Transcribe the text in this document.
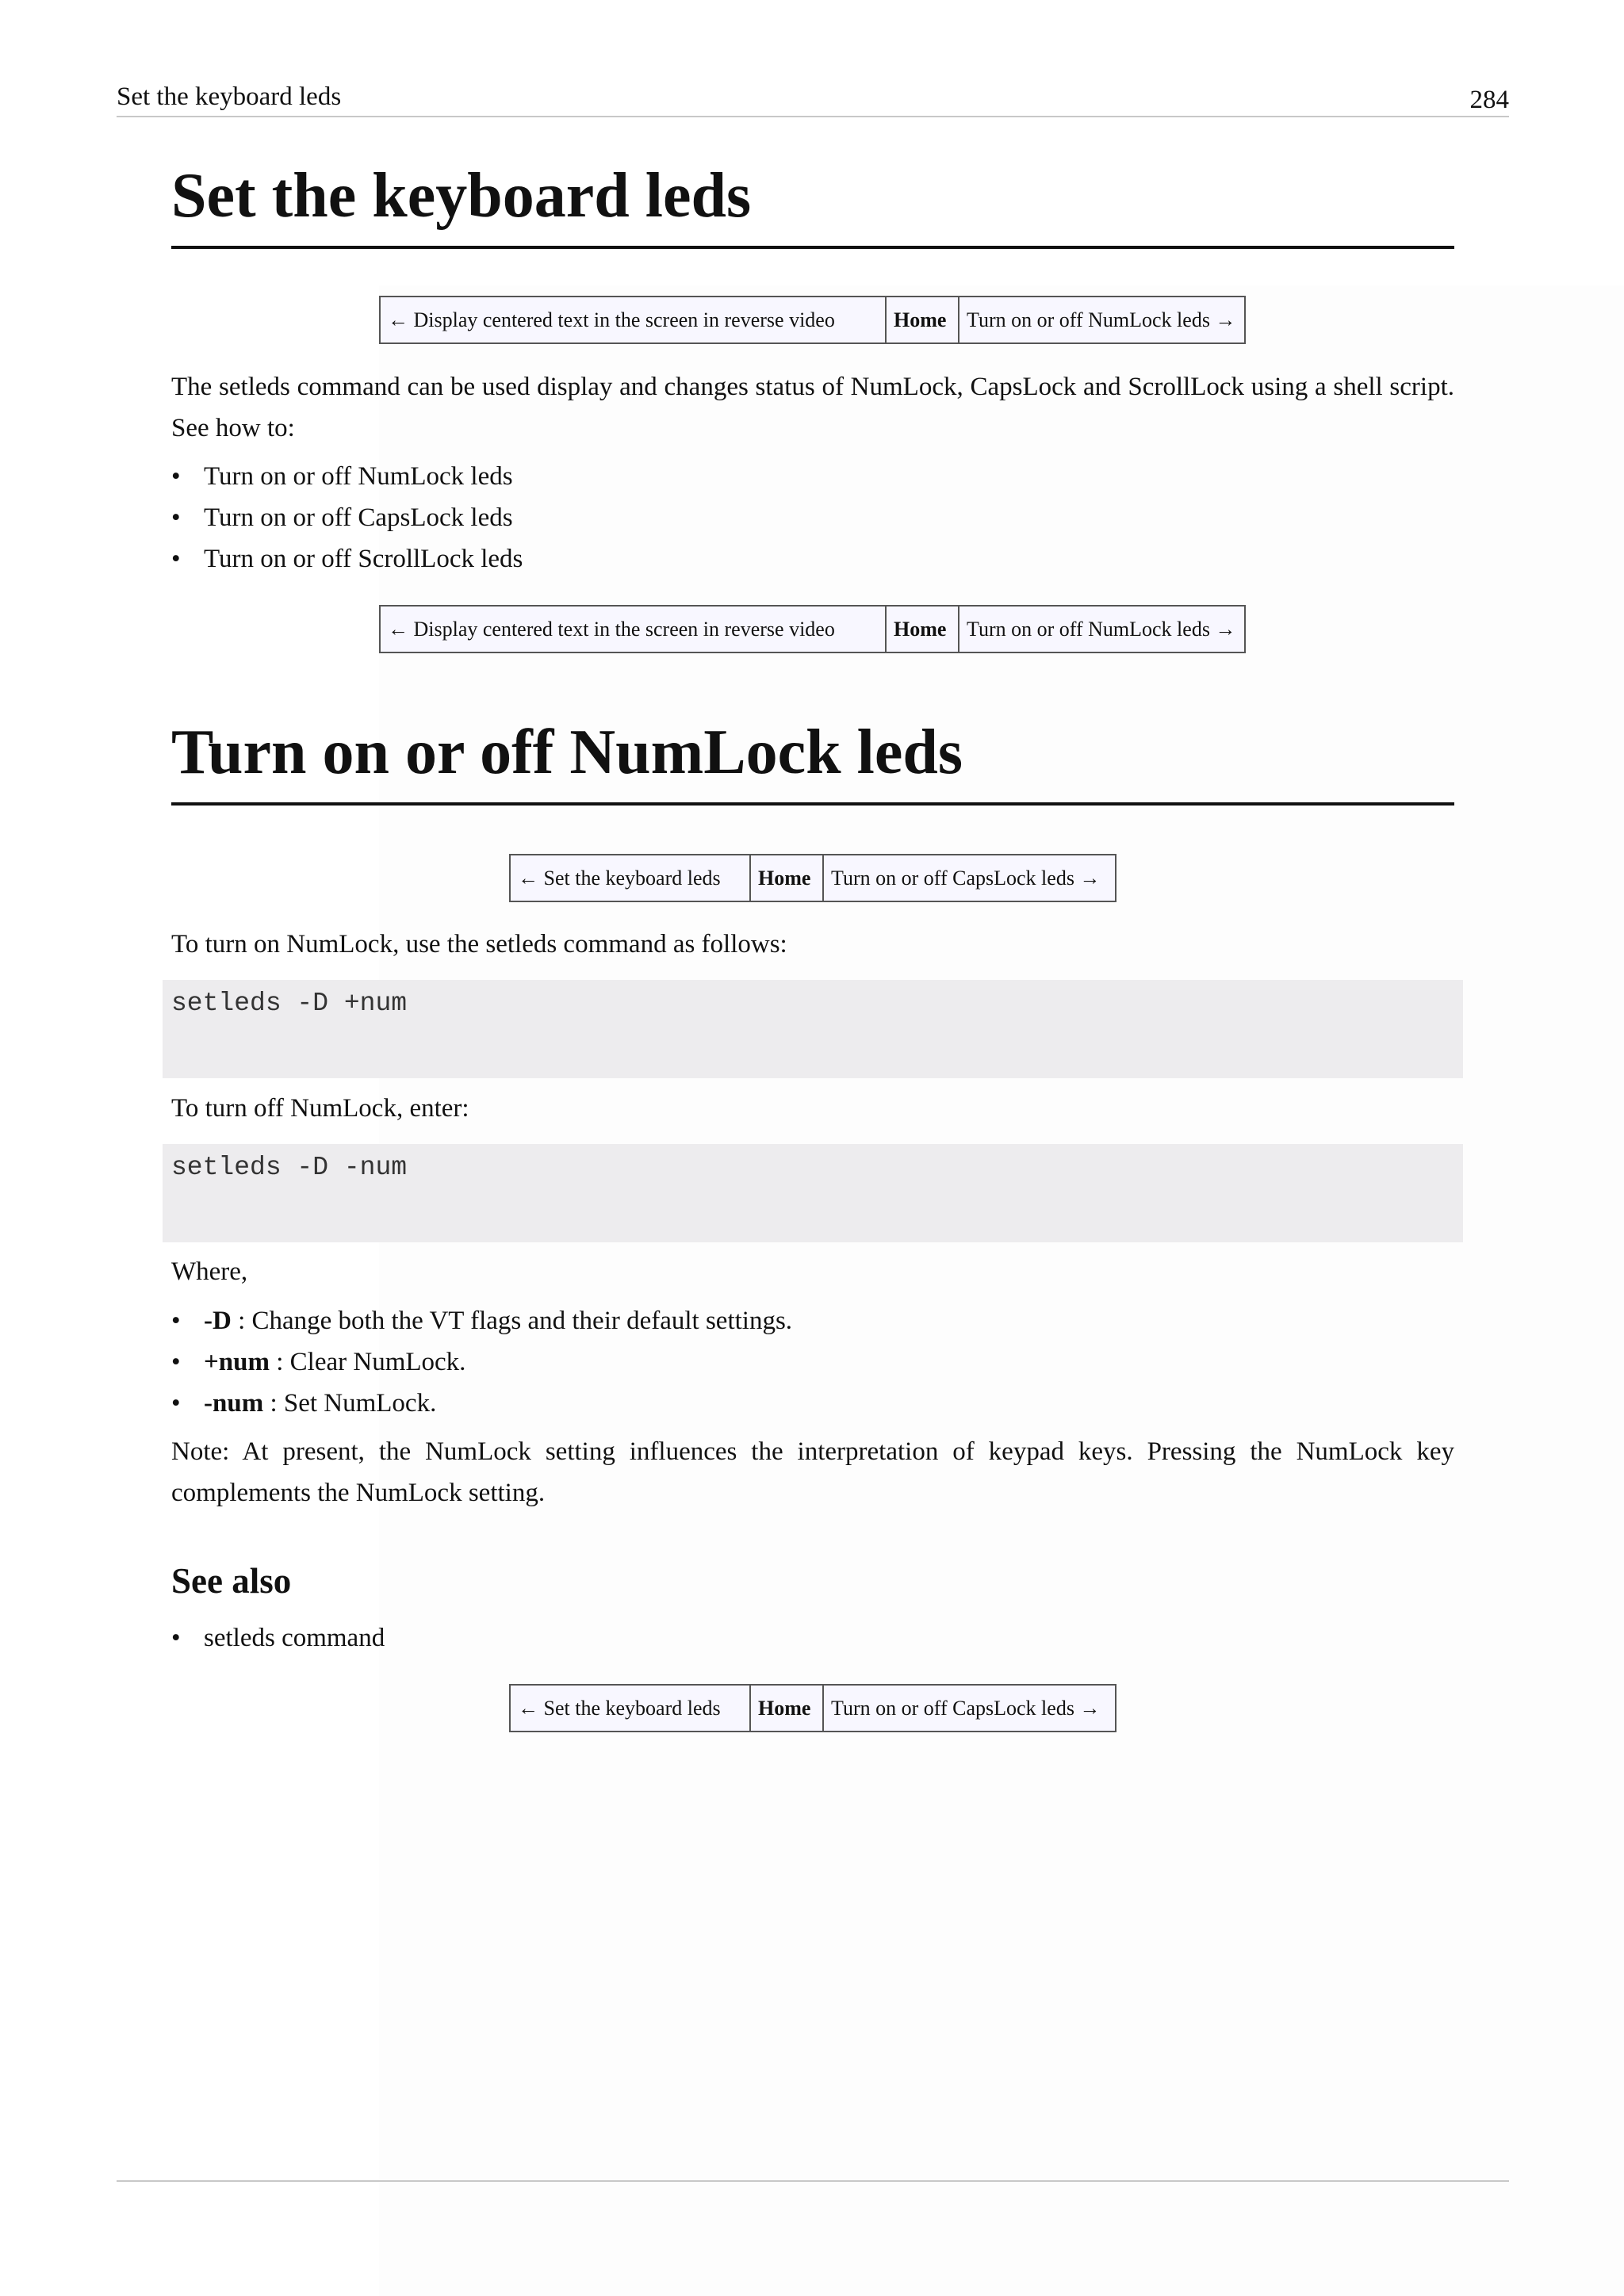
Set the keyboard leds	284
Set the keyboard leds
← Display centered text in the screen in reverse video	Home Turn on or off NumLock leds →

The setleds command can be used display and changes status of NumLock, CapsLock and ScrollLock using a shell script. See how to:

• Turn on or off NumLock leds
• Turn on or off CapsLock leds
• Turn on or off ScrollLock leds
← Display centered text in the screen in reverse video	Home Turn on or off NumLock leds →
Turn on or off NumLock leds
← Set the keyboard leds	Home Turn on or off CapsLock leds →

To turn on NumLock, use the setleds command as follows:

setleds -D +num

To turn off NumLock, enter:

setleds -D -num

Where,

• -D : Change both the VT flags and their default settings.
• +num : Clear NumLock.
• -num : Set NumLock.

Note: At present, the NumLock setting influences the interpretation of keypad keys. Pressing the NumLock key complements the NumLock setting.

See also
• setleds command
← Set the keyboard leds	Home Turn on or off CapsLock leds →
